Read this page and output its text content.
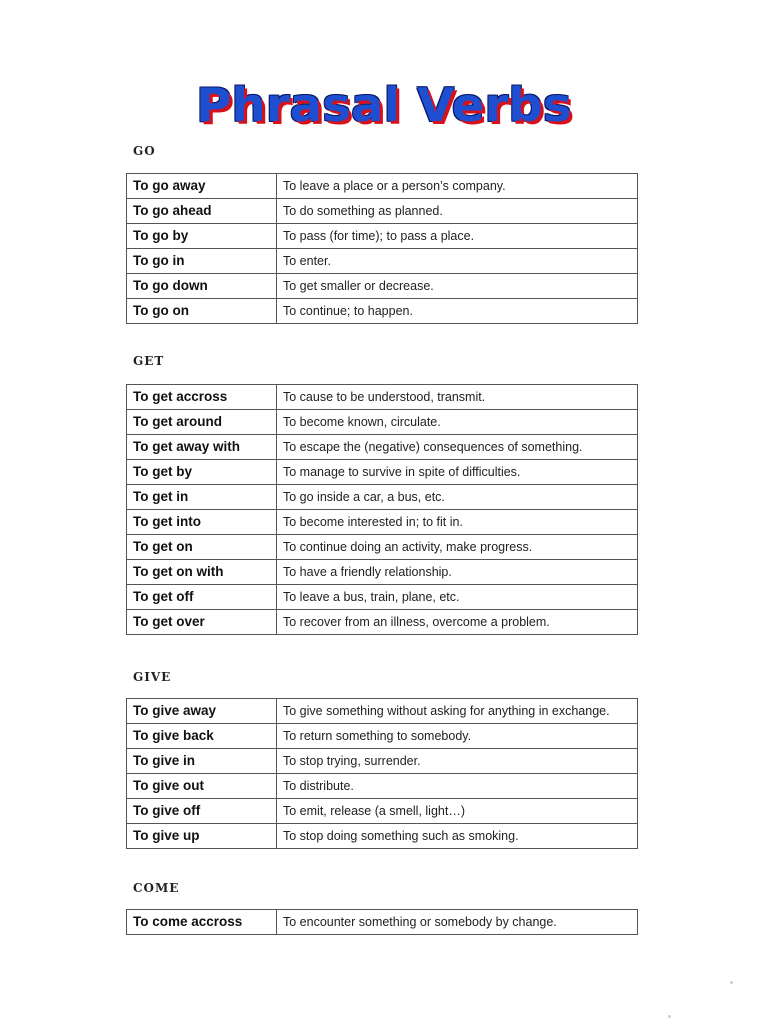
Phrasal Verbs
GO
To go away	To leave a place or a person’s company.
To go ahead	To do something as planned.
To go by	To pass (for time); to pass a place.
To go in	To enter.
To go down	To get smaller or decrease.
To go on	To continue; to happen.
GET
To get accross	To cause to be understood, transmit.
To get around	To become known, circulate.
To get away with	To escape the (negative) consequences of something.
To get by	To manage to survive in spite of difficulties.
To get in	To go inside a car, a bus, etc.
To get into	To become interested in; to fit in.
To get on	To continue doing an activity, make progress.
To get on with	To have a friendly relationship.
To get off	To leave a bus, train, plane, etc.
To get over	To recover from an illness, overcome a problem.
GIVE
To give away	To give something without asking for anything in exchange.
To give back	To return something to somebody.
To give in	To stop trying, surrender.
To give out	To distribute.
To give off	To emit, release (a smell, light…)
To give up	To stop doing something such as smoking.
COME
To come accross	To encounter something or somebody by change.
